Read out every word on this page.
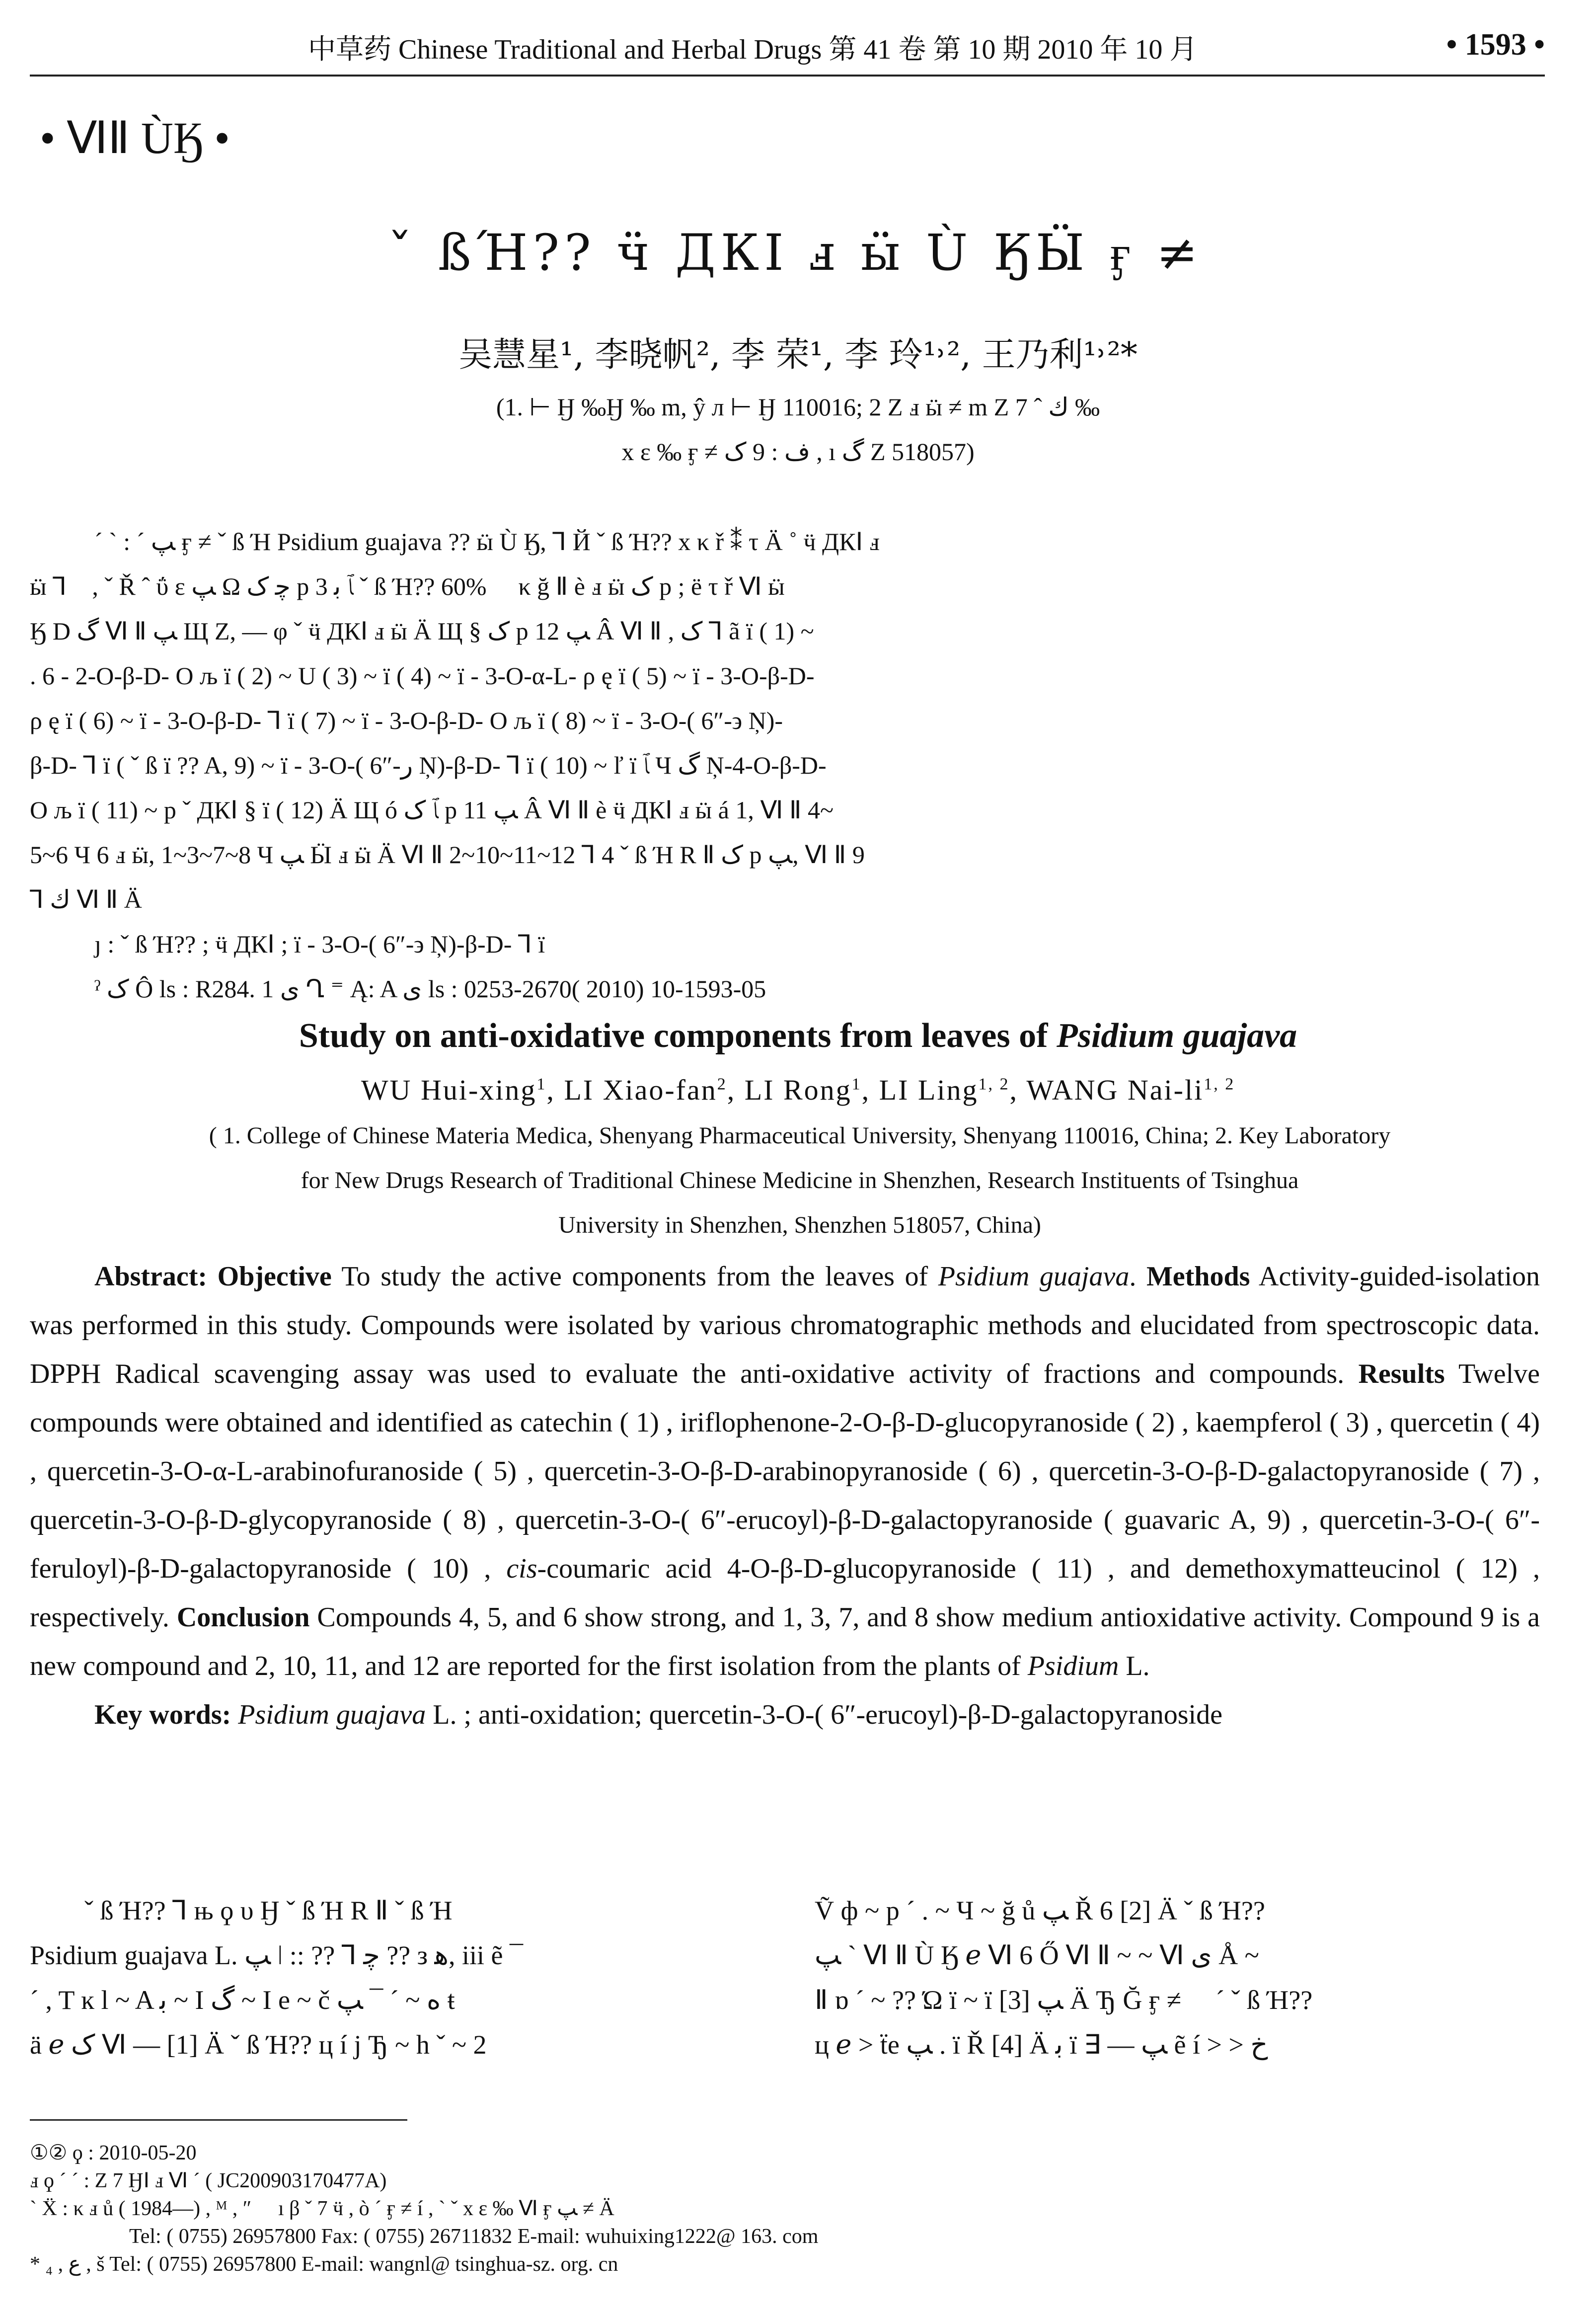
中草药 Chinese Traditional and Herbal Drugs 第 41 卷 第 10 期 2010 年 10 月	• 1593 •
• ⅥⅡ ÙӃ •
ˇ ßΉ?? ӵ ДКⅠ ⅎ ӹ Ù ӃӸ ӻ ≠
吴慧星¹, 李晓帆², 李 荣¹, 李 玲¹˒², 王乃利¹˒²*
(1. ⊢ Ӈ ‰Ӈ ‰ m, ŷ л ⊢ Ӈ 110016; 2 Ζ ⅎ ӹ ≠ m Ζ 7 ˆ ﻙ ‰
x ε ‰ ӻ ≠ ف : 9 ک , ı گ Ζ 518057)

ˊ ˋ : ˊ ﭗ ӻ ≠ ˇ ß Ή Psidium guajava ?? ӹ Ù Ӄ, ⅂ Й ˇ ß Ή?? x κ ř ⁑ τ Ä ˚ ӵ ДКⅠ ⅎ

ӹ ⅂ ⃞, ˇ Ř ˆ ΰ ε ﭗ Ω ﭼ ک p 3 ﭑ ﺑ ˇ ß Ή?? 60% ⃞ κ ğ Ⅱ è ⅎ ӹ ک p ; ë τ ř Ⅵ ӹ

Ӄ D گ Ⅵ Ⅱ ﭗ Щ Ζ, — φ ˇ ӵ ДКⅠ ⅎ ӹ Ä Щ § ک p ﭗ 12 Â Ⅵ Ⅱ , ک ⅂ ã ï ( 1) ~

. 6 - 2-O-β-D- Ο љ ï ( 2) ~ U ( 3) ~ ï ( 4) ~ ï - 3-O-α-L- ρ ę ï ( 5) ~ ï - 3-O-β-D-

ρ ę ï ( 6) ~ ï - 3-O-β-D- ⅂ ï ( 7) ~ ï - 3-O-β-D- Ο љ ï ( 8) ~ ï - 3-O-( 6″-϶ Ņ)-

β-D- ⅂ ï ( ˇ ß ï ?? A, 9) ~ ï - 3-O-( 6″-ﺭ Ņ)-β-D- ⅂ ï ( 10) ~ ľ ï ﭑ Ч گ Ņ-4-O-β-D-

Ο љ ï ( 11) ~ p ˇ ДКⅠ § ï ( 12) Ä Щ ó ﭑ ک p ﭗ 11 Â Ⅵ Ⅱ è ӵ ДКⅠ ⅎ ӹ á 1, Ⅵ Ⅱ 4~

5~6 Ч 6 ⅎ ӹ, 1~3~7~8 Ч ﭗ Ӹ ⅎ ӹ Ä Ⅵ Ⅱ 2~10~11~12 ⅂ 4 ˇ ß Ή R Ⅱ ک p ﭗ, Ⅵ Ⅱ 9

⅂ ﻙ Ⅵ Ⅱ Ä

ȷ : ˇ ß Ή?? ; ӵ ДКⅠ ; ï - 3-O-( 6″-϶ Ņ)-β-D- ⅂ ï

ˀ ک Ô ls : R284. 1 ى Ղ ⁼ Ą: A ى ls : 0253-2670( 2010) 10-1593-05

Study on anti-oxidative components from leaves of Psidium guajava
WU Hui-xing$^1$, LI Xiao-fan$^2$, LI Rong$^1$, LI Ling$^{1, 2}$, WANG Nai-li$^{1, 2}$
( 1. College of Chinese Materia Medica, Shenyang Pharmaceutical University, Shenyang 110016, China; 2. Key Laboratory
for New Drugs Research of Traditional Chinese Medicine in Shenzhen, Research Instituents of Tsinghua
University in Shenzhen, Shenzhen 518057, China)

Abstract: Objective To study the active components from the leaves of Psidium guajava. Methods Activity-guided-isolation was performed in this study. Compounds were isolated by various chromatographic methods and elucidated from spectroscopic data. DPPH Radical scavenging assay was used to evaluate the anti-oxidative activity of fractions and compounds. Results Twelve compounds were obtained and identified as catechin ( 1) , iriflophenone-2-O-β-D-glucopyranoside ( 2) , kaempferol ( 3) , quercetin ( 4) , quercetin-3-O-α-L-arabinofuranoside ( 5) , quercetin-3-O-β-D-arabinopyranoside ( 6) , quercetin-3-O-β-D-galactopyranoside ( 7) , quercetin-3-O-β-D-glycopyranoside ( 8) , quercetin-3-O-( 6″-erucoyl)-β-D-galactopyranoside ( guavaric A, 9) , quercetin-3-O-( 6″-feruloyl)-β-D-galactopyranoside ( 10) , cis-coumaric acid 4-O-β-D-glucopyranoside ( 11) , and demethoxymatteucinol ( 12) , respectively. Conclusion Compounds 4, 5, and 6 show strong, and 1, 3, 7, and 8 show medium antioxidative activity. Compound 9 is a new compound and 2, 10, 11, and 12 are reported for the first isolation from the plants of Psidium L.

Key words: Psidium guajava L. ; anti-oxidation; quercetin-3-O-( 6″-erucoyl)-β-D-galactopyranoside

ˇ ß Ή?? ⅂ њ ϙ υ Ӈ ˇ ß Ή R Ⅱ ˇ ß Ή

Psidium guajava L. ﭗ ǀ :: ?? ⅂ ﭼ ?? з ﻫ, iii ẽ ¯

ˊ , T ĸ l ~ A ﺑ ~ I گ ~ I e ~ č ﻩ ~ ˊ ¯ ﭗ ŧ

ä ℯ ک Ⅵ — [1] Ä ˇ ß Ή?? ц í ј Ђ ~ h ˇ ~ 2

Ṽ ф ~ р ˊ . ~ Ч ~ ğ ů ﭗ Ř 6 [2] Ä ˇ ß Ή??

ﭗ ˋ Ⅵ Ⅱ Ù Ӄ ℯ Ⅵ 6 Ő Ⅵ Ⅱ ~ ~ Ⅵ ى Å ~

Ⅱ ɒ ˊ ~ ?? Ώ ï ~ ï ﭗ [3] Ä Ђ Ğ ӻ ≠ ⃞ ˊ ˇ ß Ή??

ц ℯ > ẗe ﭗ . ï Ř [4] Ä ﺑ ï ∃ — ﭗ ẽ í > > ﺥ

①② ϙ : 2010-05-20

ⅎ ϙ ˊ ˊ : Ζ 7 ӇⅠ ⅎ Ⅵ ˊ ( JC200903170477A)

ˋ Ẍ : κ ⅎ ů ( 1984—) , ᴹ , ″ ⃞ ı β ˇ 7 ӵ , ò ˊ ӻ ≠ í , ˋ ˇ x ε ‰ Ⅵ ӻ ﭗ ≠ Ä

Tel: ( 0755) 26957800 Fax: ( 0755) 26711832 E-mail: wuhuixing1222@ 163. com

* ₄ , ﻉ , š Tel: ( 0755) 26957800 E-mail: wangnl@ tsinghua-sz. org. cn
